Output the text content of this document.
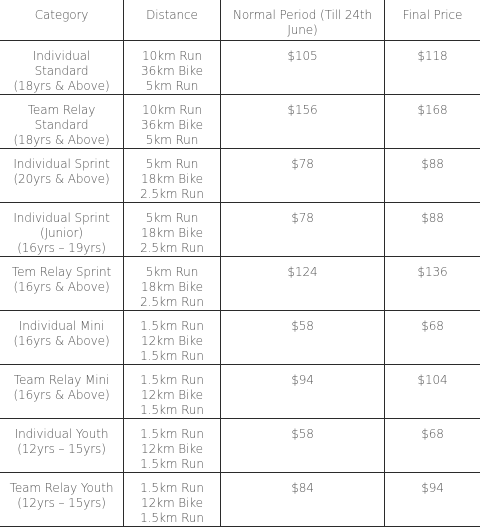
Category	Distance	Normal Period (Till 24th
June)	Final Price

Individual
Standard
(18yrs & Above)	10km Run
36km Bike
5km Run	$105	$118

Team Relay
Standard
(18yrs & Above)	10km Run
36km Bike
5km Run	$156	$168

Individual Sprint
(20yrs & Above)	5km Run
18km Bike
2.5km Run	$78	$88

Individual Sprint
(Junior)
(16yrs – 19yrs)	5km Run
18km Bike
2.5km Run	$78	$88

Tem Relay Sprint
(16yrs & Above)	5km Run
18km Bike
2.5km Run	$124	$136

Individual Mini
(16yrs & Above)	1.5km Run
12km Bike
1.5km Run	$58	$68

Team Relay Mini
(16yrs & Above)	1.5km Run
12km Bike
1.5km Run	$94	$104

Individual Youth
(12yrs – 15yrs)	1.5km Run
12km Bike
1.5km Run	$58	$68

Team Relay Youth
(12yrs – 15yrs)	1.5km Run
12km Bike
1.5km Run	$84	$94
